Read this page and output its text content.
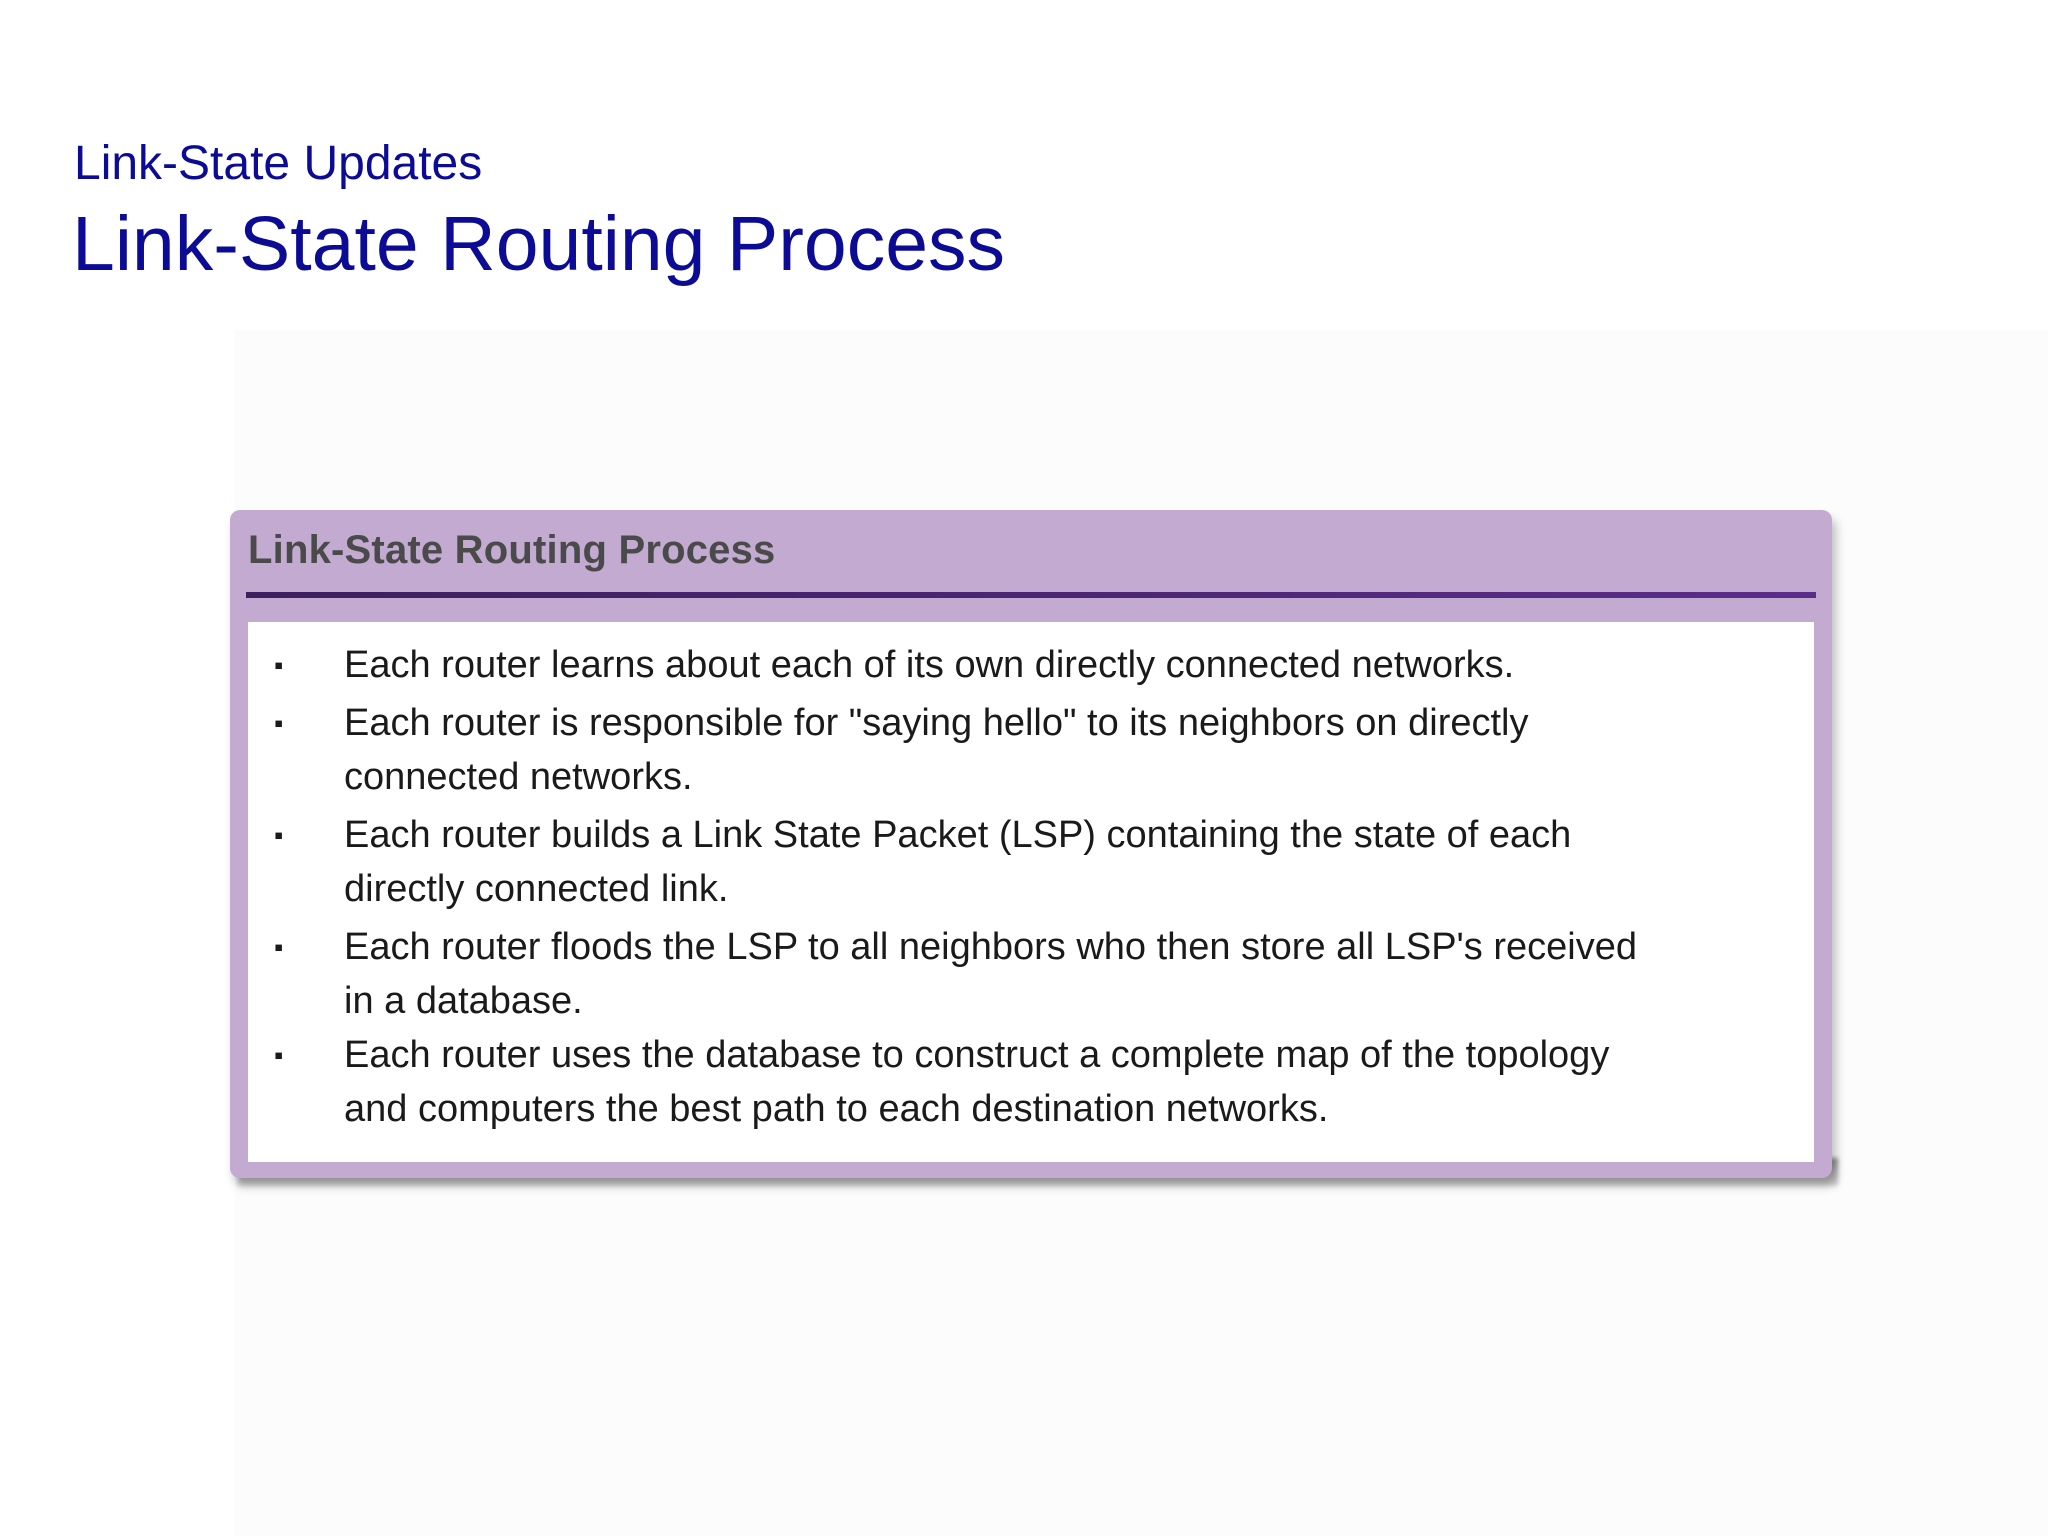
Link-State Updates
Link-State Routing Process
Link-State Routing Process
▪ Each router learns about each of its own directly connected networks.
▪ Each router is responsible for "saying hello" to its neighbors on directly
connected networks.
▪ Each router builds a Link State Packet (LSP) containing the state of each
directly connected link.
▪ Each router floods the LSP to all neighbors who then store all LSP's received
in a database.
▪ Each router uses the database to construct a complete map of the topology
and computers the best path to each destination networks.
